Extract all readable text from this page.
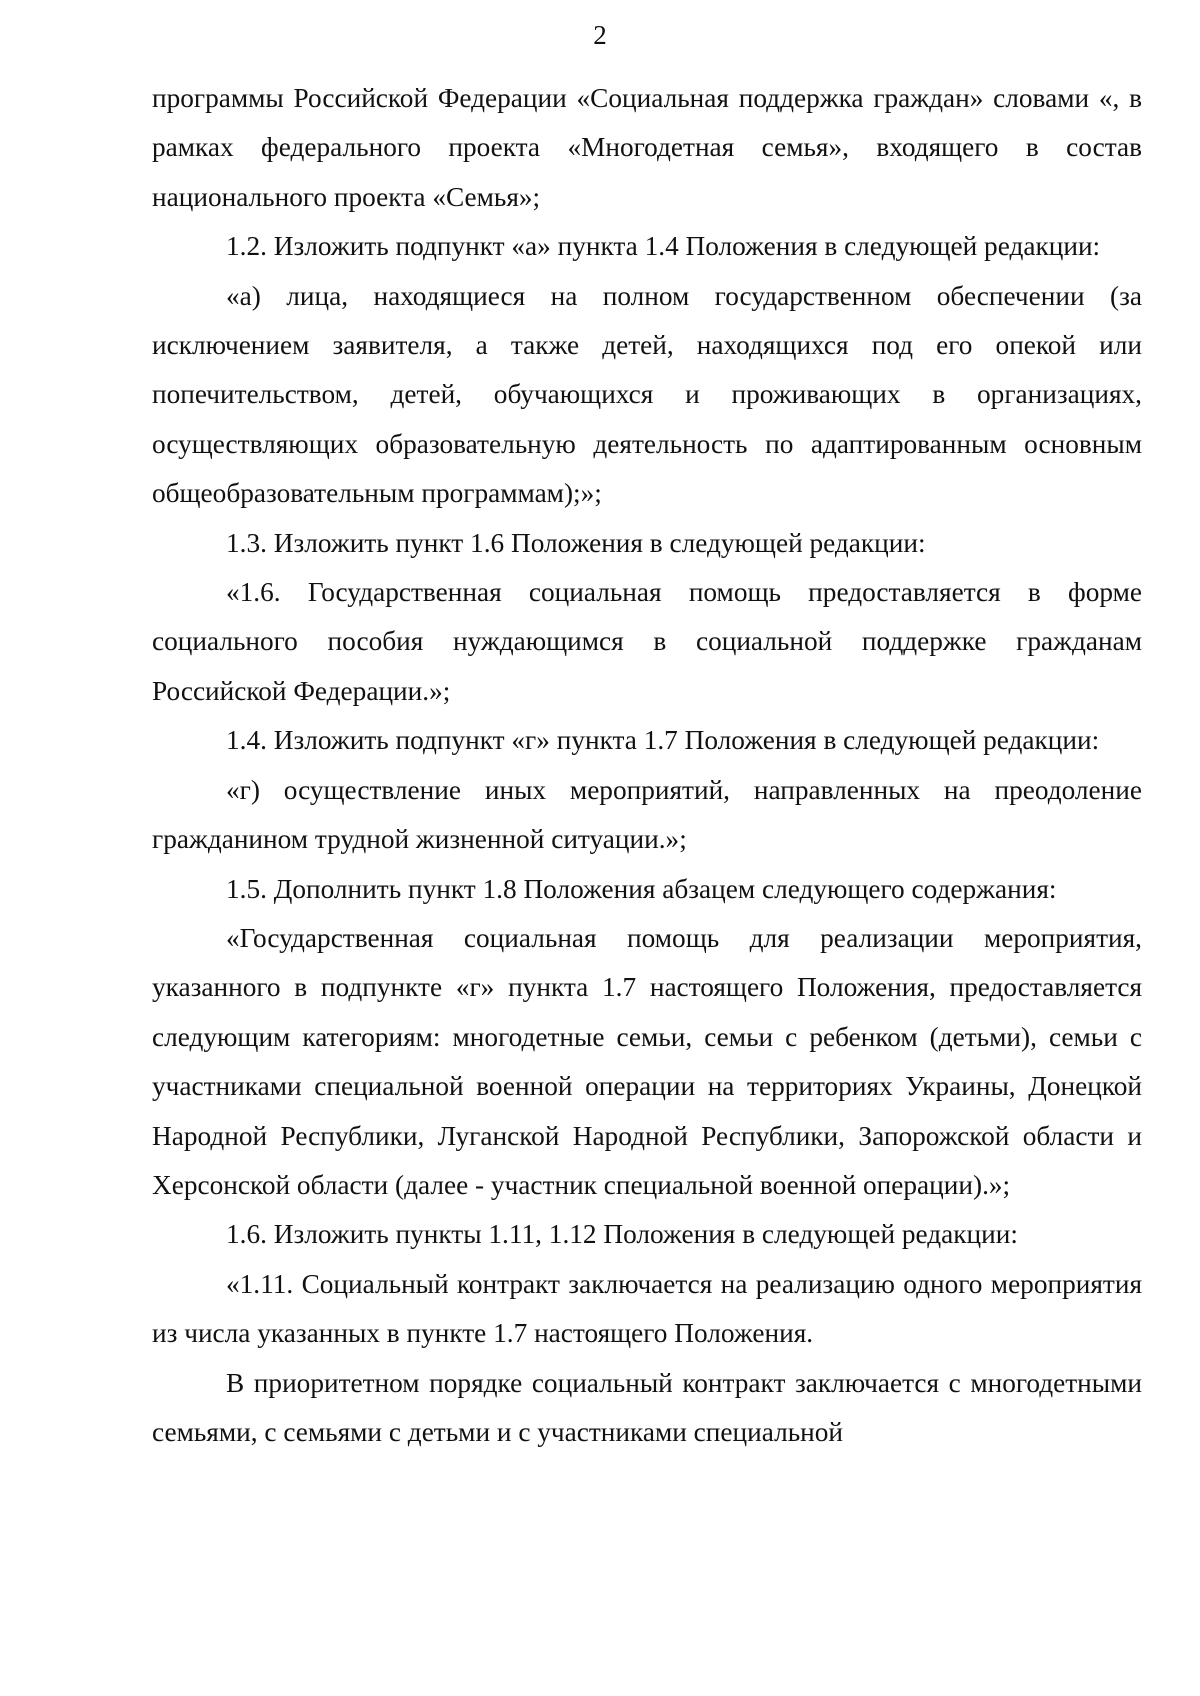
2

программы Российской Федерации «Социальная поддержка граждан» словами «, в рамках федерального проекта «Многодетная семья», входящего в состав национального проекта «Семья»;

1.2. Изложить подпункт «а» пункта 1.4 Положения в следующей редакции:

«а) лица, находящиеся на полном государственном обеспечении (за исключением заявителя, а также детей, находящихся под его опекой или попечительством, детей, обучающихся и проживающих в организациях, осуществляющих образовательную деятельность по адаптированным основным общеобразовательным программам);»;

1.3. Изложить пункт 1.6 Положения в следующей редакции:

«1.6. Государственная социальная помощь предоставляется в форме социального пособия нуждающимся в социальной поддержке гражданам Российской Федерации.»;

1.4. Изложить подпункт «г» пункта 1.7 Положения в следующей редакции:

«г) осуществление иных мероприятий, направленных на преодоление гражданином трудной жизненной ситуации.»;

1.5. Дополнить пункт 1.8 Положения абзацем следующего содержания:

«Государственная социальная помощь для реализации мероприятия, указанного в подпункте «г» пункта 1.7 настоящего Положения, предоставляется следующим категориям: многодетные семьи, семьи с ребенком (детьми), семьи с участниками специальной военной операции на территориях Украины, Донецкой Народной Республики, Луганской Народной Республики, Запорожской области и Херсонской области (далее - участник специальной военной операции).»;

1.6. Изложить пункты 1.11, 1.12 Положения в следующей редакции:

«1.11. Социальный контракт заключается на реализацию одного мероприятия из числа указанных в пункте 1.7 настоящего Положения.

В приоритетном порядке социальный контракт заключается с многодетными семьями, с семьями с детьми и с участниками специальной
